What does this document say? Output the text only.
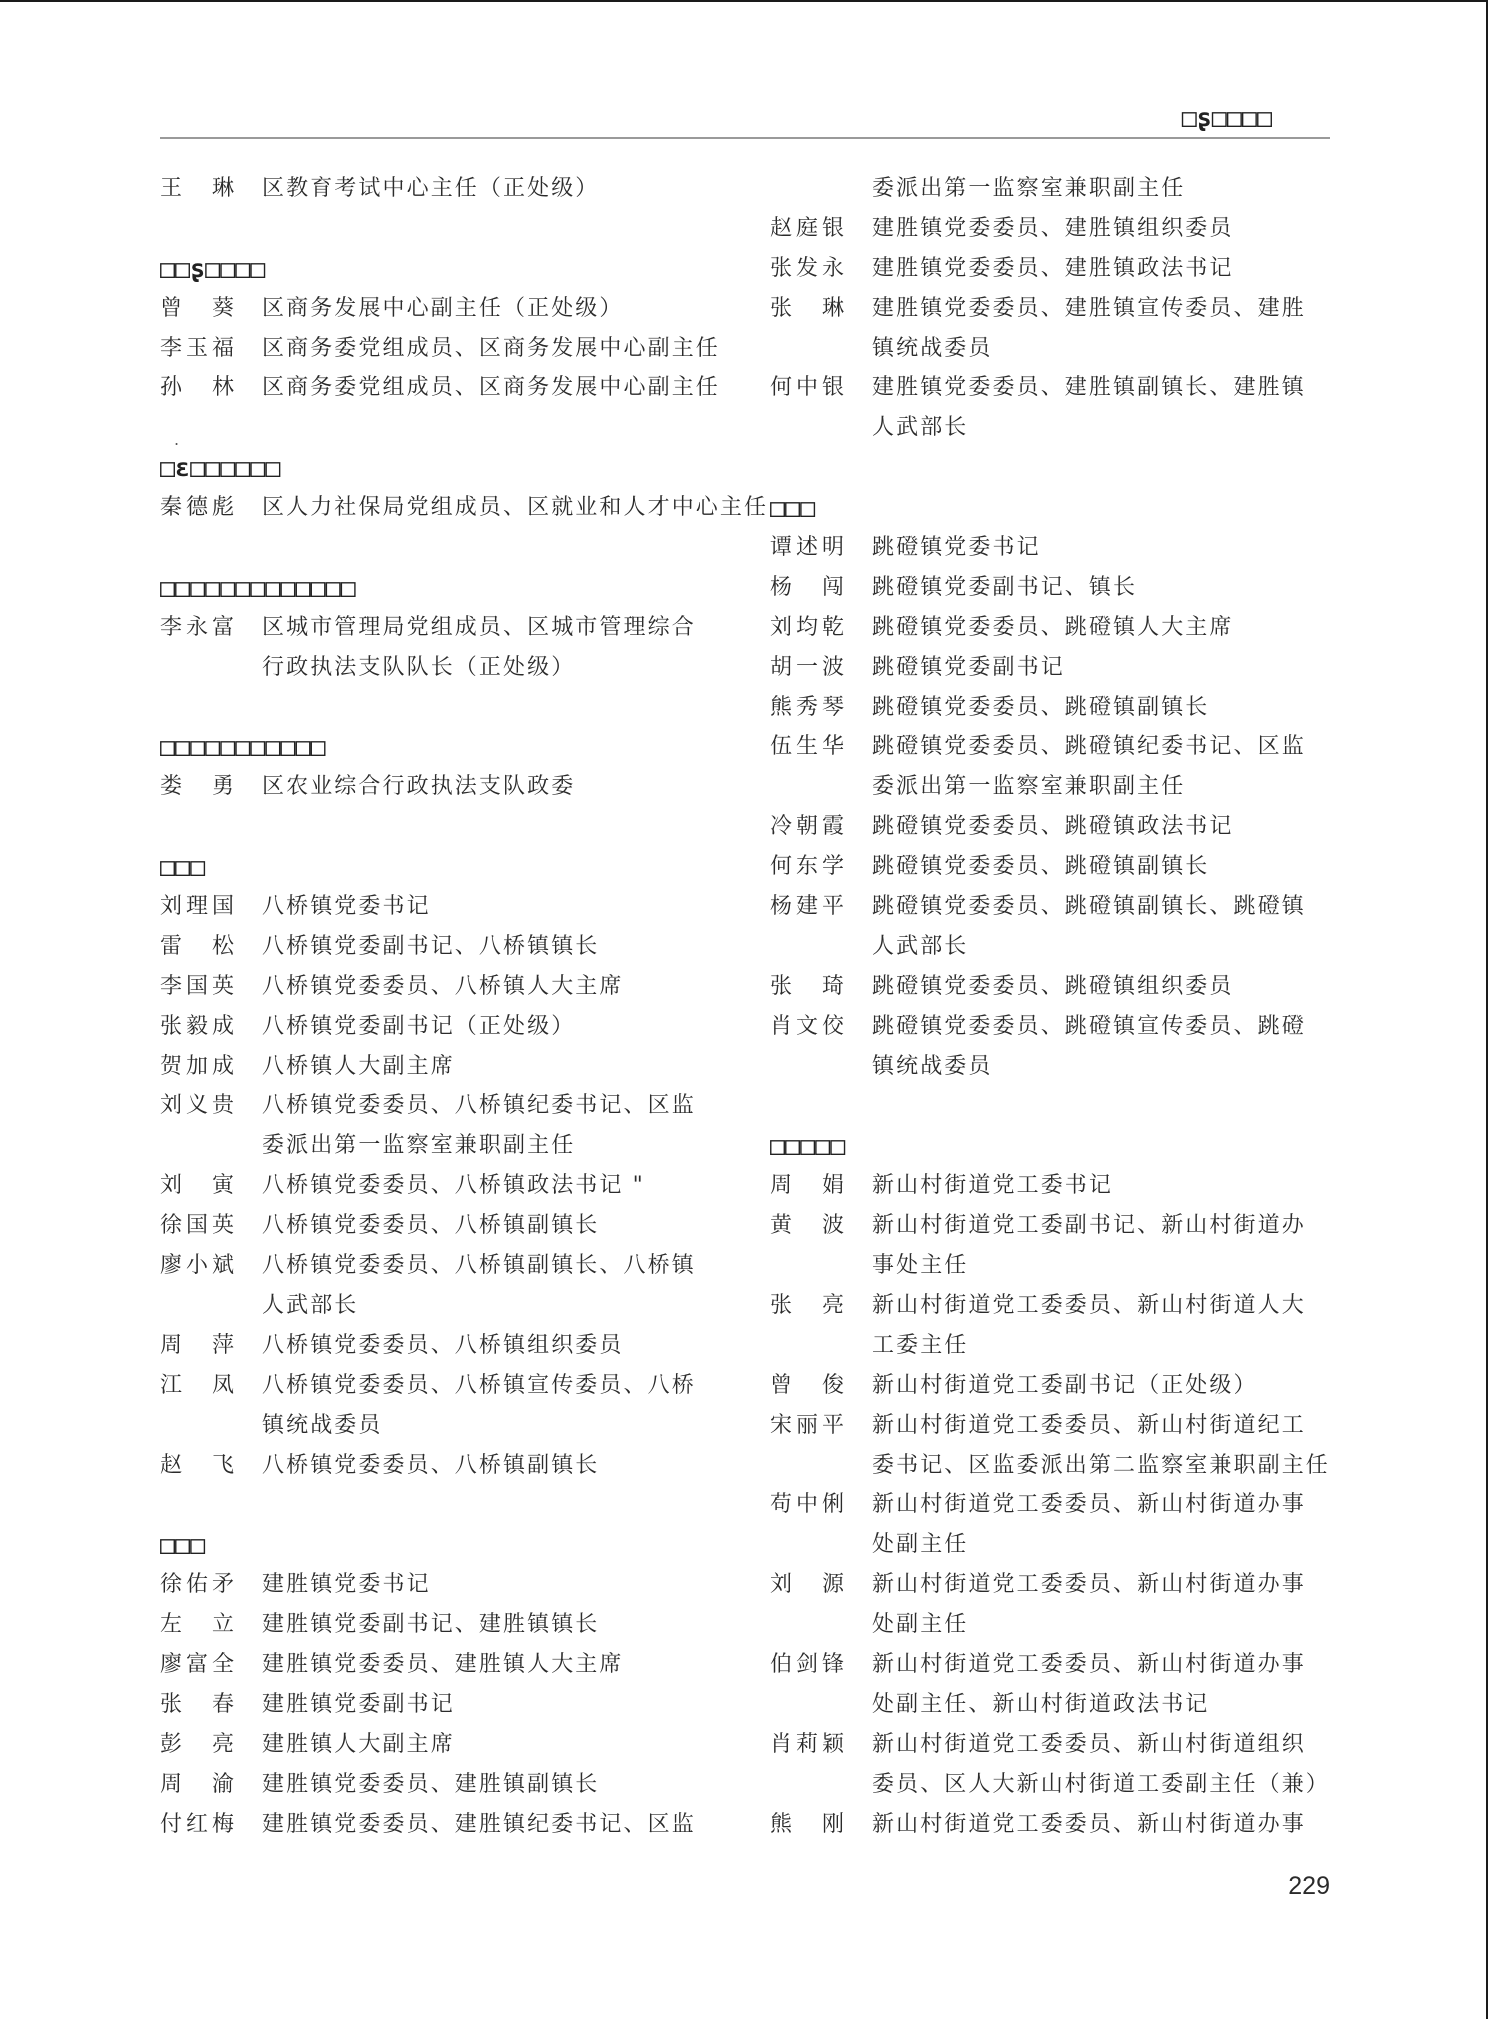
□ʂ□□□□
.
王　琳 区教育考试中心主任（正处级）
□□ʂ□□□□
曾　葵 区商务发展中心副主任（正处级）
李玉福 区商务委党组成员、区商务发展中心副主任
孙　林 区商务委党组成员、区商务发展中心副主任
□ɛ□□□□□□
秦德彪 区人力社保局党组成员、区就业和人才中心主任
□□□□□□□□□□□□□
李永富 区城市管理局党组成员、区城市管理综合
行政执法支队队长（正处级）
□□□□□□□□□□□
娄　勇 区农业综合行政执法支队政委
□□□
刘理国 八桥镇党委书记
雷　松 八桥镇党委副书记、八桥镇镇长
李国英 八桥镇党委委员、八桥镇人大主席
张毅成 八桥镇党委副书记（正处级）
贺加成 八桥镇人大副主席
刘义贵 八桥镇党委委员、八桥镇纪委书记、区监
委派出第一监察室兼职副主任
刘　寅 八桥镇党委委员、八桥镇政法书记 "
徐国英 八桥镇党委委员、八桥镇副镇长
廖小斌 八桥镇党委委员、八桥镇副镇长、八桥镇
人武部长
周　萍 八桥镇党委委员、八桥镇组织委员
江　凤 八桥镇党委委员、八桥镇宣传委员、八桥
镇统战委员
赵　飞 八桥镇党委委员、八桥镇副镇长
□□□
徐佑矛 建胜镇党委书记
左　立 建胜镇党委副书记、建胜镇镇长
廖富全 建胜镇党委委员、建胜镇人大主席
张　春 建胜镇党委副书记
彭　亮 建胜镇人大副主席
周　渝 建胜镇党委委员、建胜镇副镇长
付红梅 建胜镇党委委员、建胜镇纪委书记、区监
委派出第一监察室兼职副主任
赵庭银 建胜镇党委委员、建胜镇组织委员
张发永 建胜镇党委委员、建胜镇政法书记
张　琳 建胜镇党委委员、建胜镇宣传委员、建胜
镇统战委员
何中银 建胜镇党委委员、建胜镇副镇长、建胜镇
人武部长
□□□
谭述明 跳磴镇党委书记
杨　闯 跳磴镇党委副书记、镇长
刘均乾 跳磴镇党委委员、跳磴镇人大主席
胡一波 跳磴镇党委副书记
熊秀琴 跳磴镇党委委员、跳磴镇副镇长
伍生华 跳磴镇党委委员、跳磴镇纪委书记、区监
委派出第一监察室兼职副主任
冷朝霞 跳磴镇党委委员、跳磴镇政法书记
何东学 跳磴镇党委委员、跳磴镇副镇长
杨建平 跳磴镇党委委员、跳磴镇副镇长、跳磴镇
人武部长
张　琦 跳磴镇党委委员、跳磴镇组织委员
肖文佼 跳磴镇党委委员、跳磴镇宣传委员、跳磴
镇统战委员
□□□□□
周　娟 新山村街道党工委书记
黄　波 新山村街道党工委副书记、新山村街道办
事处主任
张　亮 新山村街道党工委委员、新山村街道人大
工委主任
曾　俊 新山村街道党工委副书记（正处级）
宋丽平 新山村街道党工委委员、新山村街道纪工
委书记、区监委派出第二监察室兼职副主任
苟中俐 新山村街道党工委委员、新山村街道办事
处副主任
刘　源 新山村街道党工委委员、新山村街道办事
处副主任
伯剑锋 新山村街道党工委委员、新山村街道办事
处副主任、新山村街道政法书记
肖莉颖 新山村街道党工委委员、新山村街道组织
委员、区人大新山村街道工委副主任（兼）
熊　刚 新山村街道党工委委员、新山村街道办事
229
